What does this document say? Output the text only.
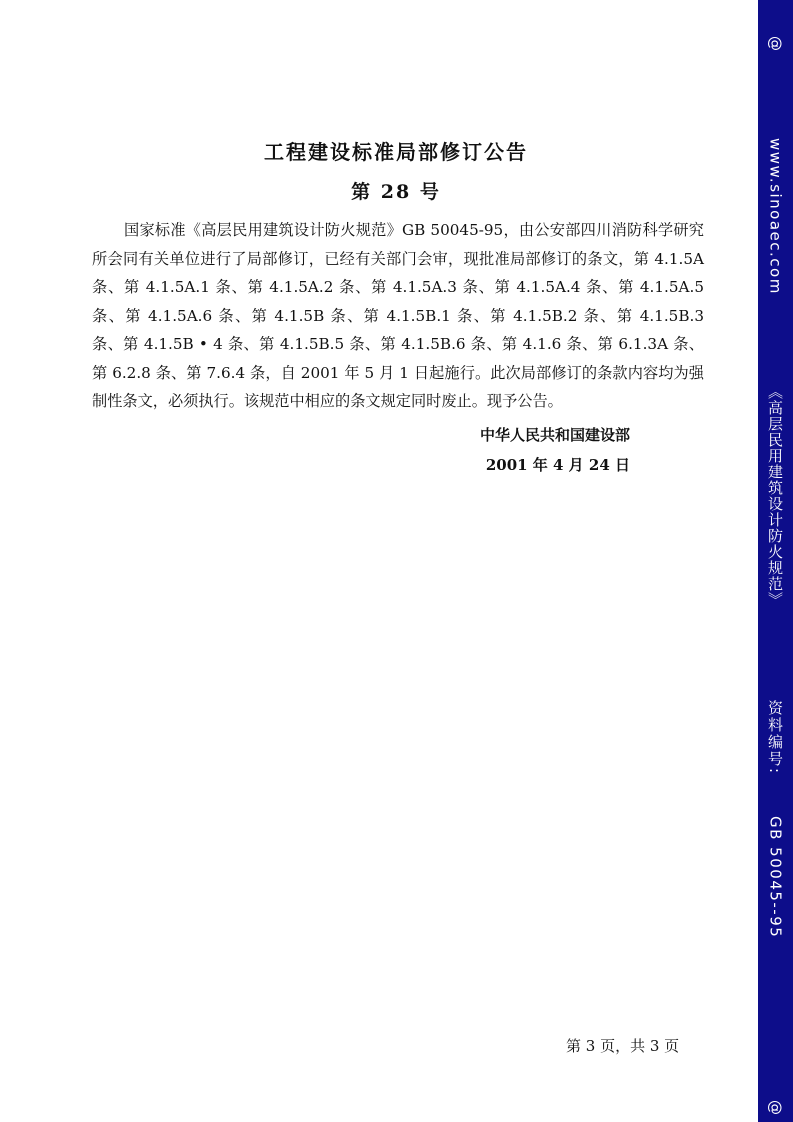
工程建设标准局部修订公告
第 28 号

国家标准《高层民用建筑设计防火规范》GB 50045-95，由公安部四川消防科学研究所会同有关单位进行了局部修订，已经有关部门会审，现批准局部修订的条文，第 4.1.5A 条、第 4.1.5A.1 条、第 4.1.5A.2 条、第 4.1.5A.3 条、第 4.1.5A.4 条、第 4.1.5A.5 条、第 4.1.5A.6 条、第 4.1.5B 条、第 4.1.5B.1 条、第 4.1.5B.2 条、第 4.1.5B.3 条、第 4.1.5B • 4 条、第 4.1.5B.5 条、第 4.1.5B.6 条、第 4.1.6 条、第 6.1.3A 条、第 6.2.8 条、第 7.6.4 条，自 2001 年 5 月 1 日起施行。此次局部修订的条款内容均为强制性条文，必须执行。该规范中相应的条文规定同时废止。现予公告。

中华人民共和国建设部
2001 年 4 月 24 日
第 3 页，共 3 页
@
www.sinoaec.com
《高层民用建筑设计防火规范》
资料编号:
GB 50045--95
@
